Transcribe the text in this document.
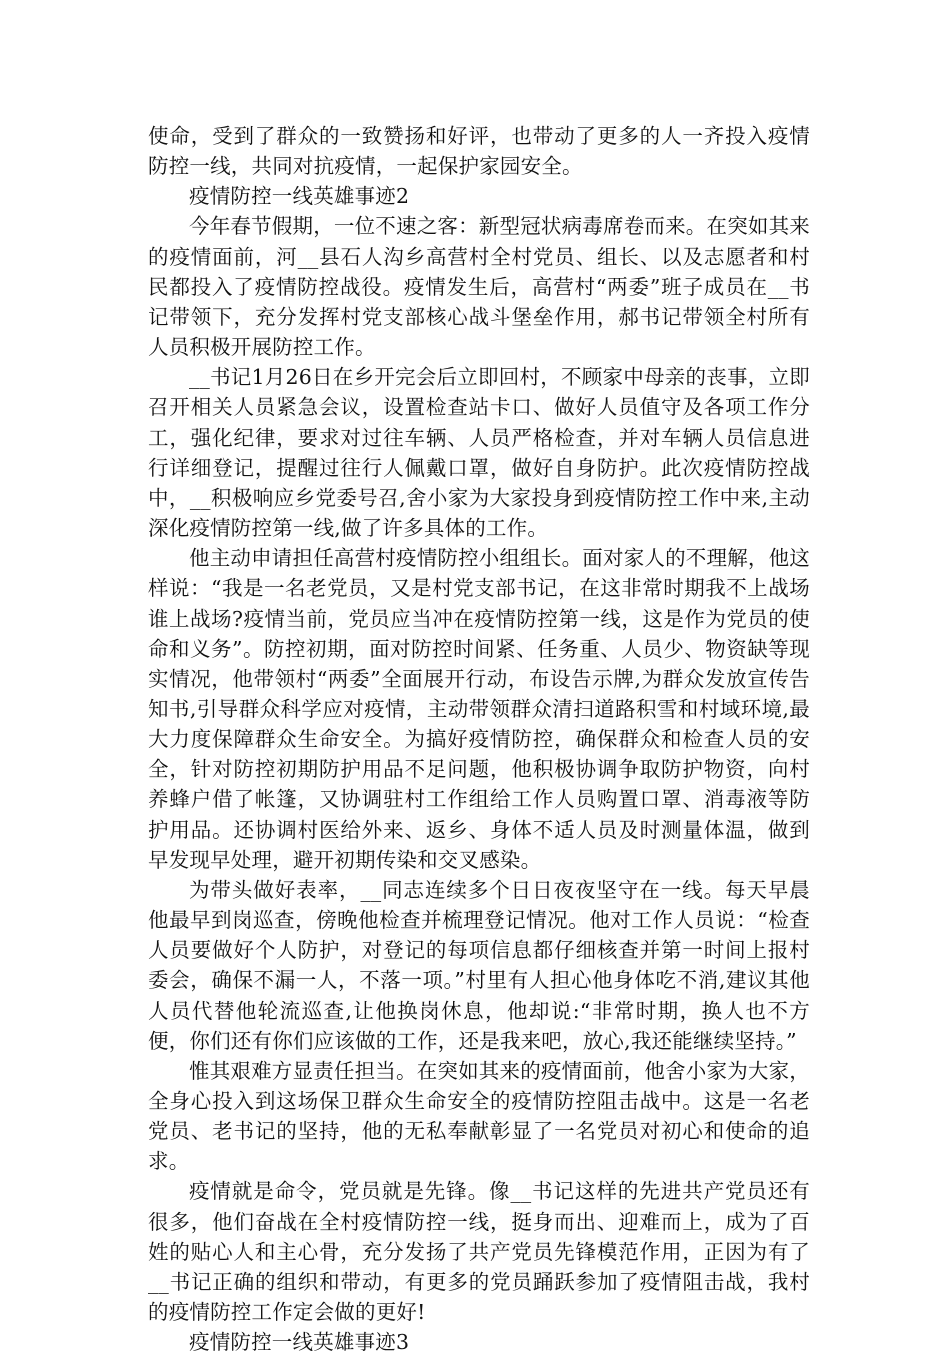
使命，受到了群众的一致赞扬和好评，也带动了更多的人一齐投入疫情防控一线，共同对抗疫情，一起保护家园安全。

疫情防控一线英雄事迹2

今年春节假期，一位不速之客：新型冠状病毒席卷而来。在突如其来的疫情面前，河__县石人沟乡高营村全村党员、组长、以及志愿者和村民都投入了疫情防控战役。疫情发生后，高营村“两委”班子成员在__书记带领下，充分发挥村党支部核心战斗堡垒作用，郝书记带领全村所有人员积极开展防控工作。

__书记1月26日在乡开完会后立即回村，不顾家中母亲的丧事，立即召开相关人员紧急会议，设置检查站卡口、做好人员值守及各项工作分工，强化纪律，要求对过往车辆、人员严格检查，并对车辆人员信息进行详细登记，提醒过往行人佩戴口罩，做好自身防护。此次疫情防控战中，__积极响应乡党委号召,舍小家为大家投身到疫情防控工作中来,主动深化疫情防控第一线,做了许多具体的工作。

他主动申请担任高营村疫情防控小组组长。面对家人的不理解，他这样说：“我是一名老党员，又是村党支部书记，在这非常时期我不上战场谁上战场?疫情当前，党员应当冲在疫情防控第一线，这是作为党员的使命和义务”。防控初期，面对防控时间紧、任务重、人员少、物资缺等现实情况，他带领村“两委”全面展开行动，布设告示牌,为群众发放宣传告知书,引导群众科学应对疫情，主动带领群众清扫道路积雪和村域环境,最大力度保障群众生命安全。为搞好疫情防控，确保群众和检查人员的安全，针对防控初期防护用品不足问题，他积极协调争取防护物资，向村养蜂户借了帐篷，又协调驻村工作组给工作人员购置口罩、消毒液等防护用品。还协调村医给外来、返乡、身体不适人员及时测量体温，做到早发现早处理，避开初期传染和交叉感染。

为带头做好表率，__同志连续多个日日夜夜坚守在一线。每天早晨他最早到岗巡查，傍晚他检查并梳理登记情况。他对工作人员说：“检查人员要做好个人防护，对登记的每项信息都仔细核查并第一时间上报村委会，确保不漏一人，不落一项。”村里有人担心他身体吃不消,建议其他人员代替他轮流巡查,让他换岗休息，他却说:“非常时期，换人也不方便，你们还有你们应该做的工作，还是我来吧，放心,我还能继续坚持。”

惟其艰难方显责任担当。在突如其来的疫情面前，他舍小家为大家，全身心投入到这场保卫群众生命安全的疫情防控阻击战中。这是一名老党员、老书记的坚持，他的无私奉献彰显了一名党员对初心和使命的追求。

疫情就是命令，党员就是先锋。像__书记这样的先进共产党员还有很多，他们奋战在全村疫情防控一线，挺身而出、迎难而上，成为了百姓的贴心人和主心骨，充分发扬了共产党员先锋模范作用，正因为有了__书记正确的组织和带动，有更多的党员踊跃参加了疫情阻击战，我村的疫情防控工作定会做的更好!

疫情防控一线英雄事迹3
